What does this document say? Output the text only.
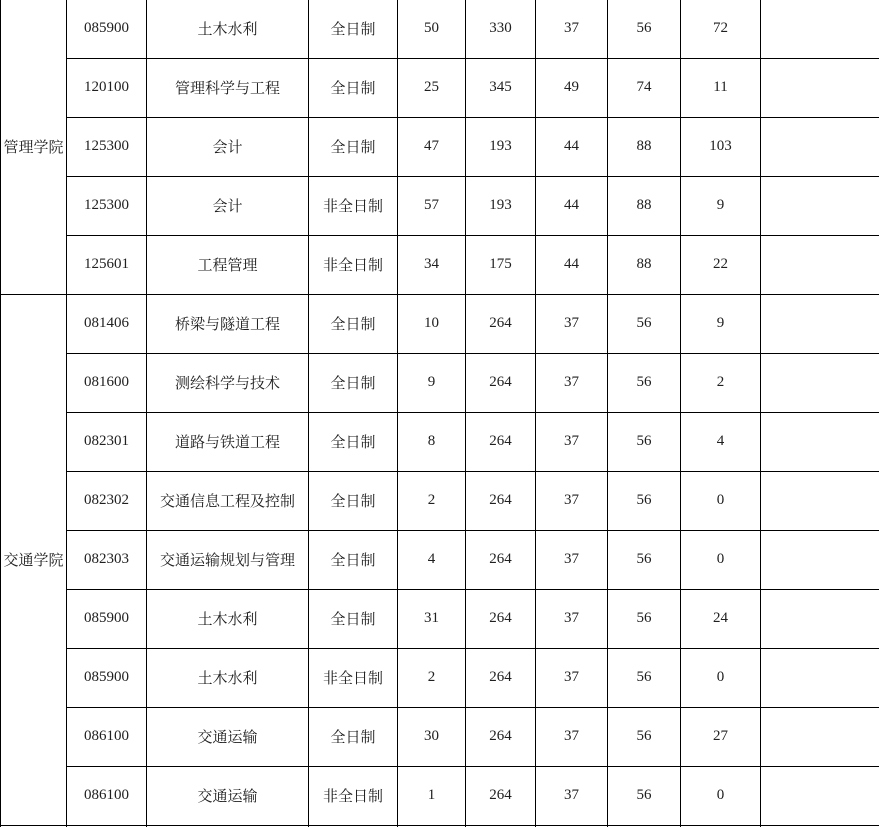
管理学院	085900	土木水利	全日制	50	330	37	56	72	
	120100	管理科学与工程	全日制	25	345	49	74	11	
	125300	会计	全日制	47	193	44	88	103	
	125300	会计	非全日制	57	193	44	88	9	
	125601	工程管理	非全日制	34	175	44	88	22	
交通学院	081406	桥梁与隧道工程	全日制	10	264	37	56	9	
	081600	测绘科学与技术	全日制	9	264	37	56	2	
	082301	道路与铁道工程	全日制	8	264	37	56	4	
	082302	交通信息工程及控制	全日制	2	264	37	56	0	
	082303	交通运输规划与管理	全日制	4	264	37	56	0	
	085900	土木水利	全日制	31	264	37	56	24	
	085900	土木水利	非全日制	2	264	37	56	0	
	086100	交通运输	全日制	30	264	37	56	27	
	086100	交通运输	非全日制	1	264	37	56	0	
